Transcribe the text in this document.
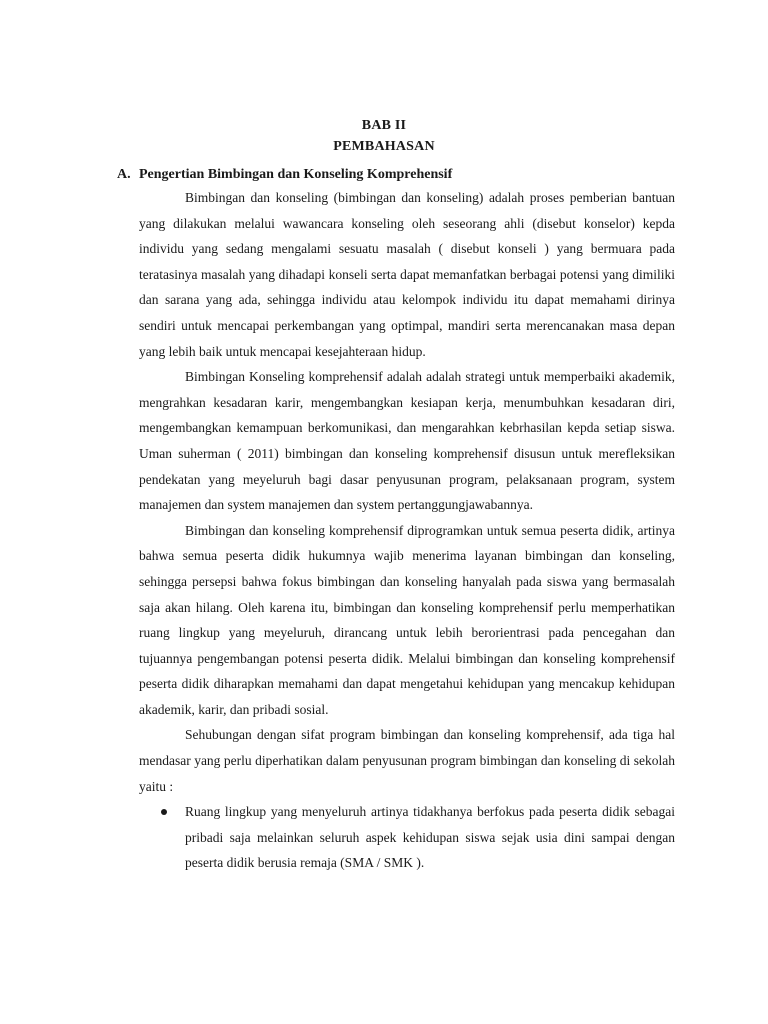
BAB II
PEMBAHASAN
A. Pengertian Bimbingan dan Konseling Komprehensif

Bimbingan dan konseling (bimbingan dan konseling) adalah proses pemberian bantuan yang dilakukan melalui wawancara konseling oleh seseorang ahli (disebut konselor) kepda individu yang sedang mengalami sesuatu masalah ( disebut konseli ) yang bermuara pada teratasinya masalah yang dihadapi konseli serta dapat memanfatkan berbagai potensi yang dimiliki dan sarana yang ada, sehingga individu atau kelompok individu itu dapat memahami dirinya sendiri untuk mencapai perkembangan yang optimpal, mandiri serta merencanakan masa depan yang lebih baik untuk mencapai kesejahteraan hidup.

Bimbingan Konseling komprehensif adalah adalah strategi untuk memperbaiki akademik, mengrahkan kesadaran karir, mengembangkan kesiapan kerja, menumbuhkan kesadaran diri, mengembangkan kemampuan berkomunikasi, dan mengarahkan kebrhasilan kepda setiap siswa. Uman suherman ( 2011) bimbingan dan konseling komprehensif disusun untuk merefleksikan pendekatan yang meyeluruh bagi dasar penyusunan program, pelaksanaan program, system manajemen dan system manajemen dan system pertanggungjawabannya.

Bimbingan dan konseling komprehensif diprogramkan untuk semua peserta didik, artinya bahwa semua peserta didik hukumnya wajib menerima layanan bimbingan dan konseling, sehingga persepsi bahwa fokus bimbingan dan konseling hanyalah pada siswa yang bermasalah saja akan hilang. Oleh karena itu, bimbingan dan konseling komprehensif perlu memperhatikan ruang lingkup yang meyeluruh, dirancang untuk lebih berorientrasi pada pencegahan dan tujuannya pengembangan potensi peserta didik. Melalui bimbingan dan konseling komprehensif peserta didik diharapkan memahami dan dapat mengetahui kehidupan yang mencakup kehidupan akademik, karir, dan pribadi sosial.

Sehubungan dengan sifat program bimbingan dan konseling komprehensif, ada tiga hal mendasar yang perlu diperhatikan dalam penyusunan program bimbingan dan konseling di sekolah yaitu :

Ruang lingkup yang menyeluruh artinya tidakhanya berfokus pada peserta didik sebagai pribadi saja melainkan seluruh aspek kehidupan siswa sejak usia dini sampai dengan peserta didik berusia remaja (SMA / SMK ).
